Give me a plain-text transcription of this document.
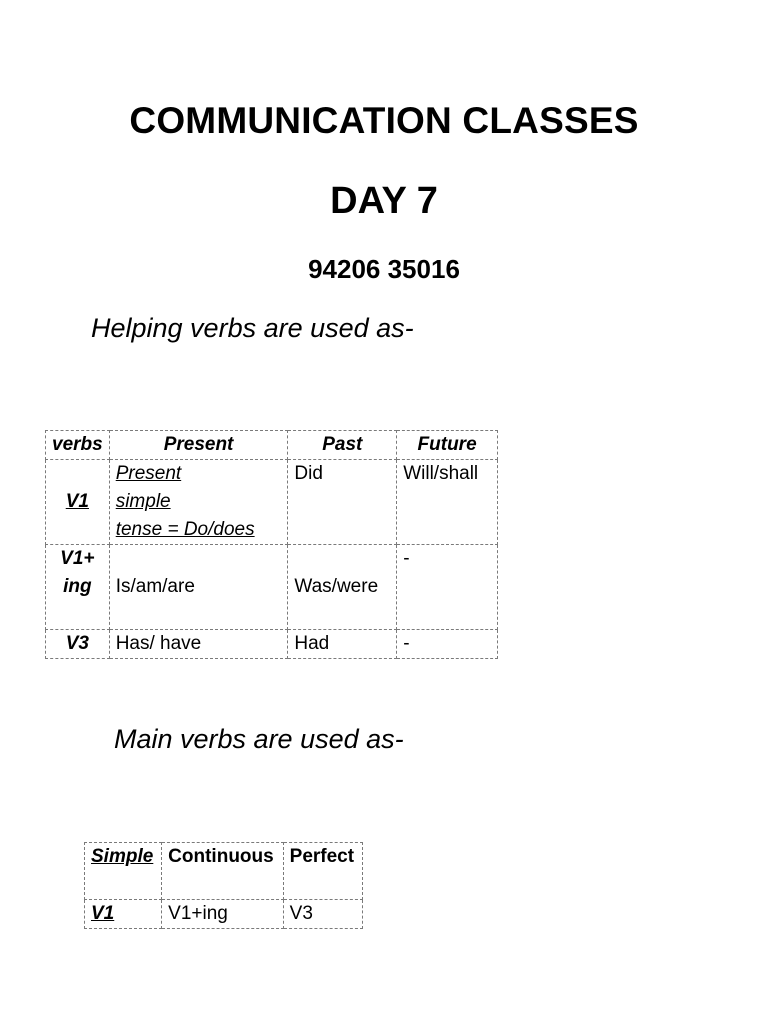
COMMUNICATION CLASSES
DAY 7

94206 35016

Helping verbs are used as-

verbs	Present	Past	Future
V1	Present
simple
tense = Do/does	Did	Will/shall

V1+
ing	Is/am/are	Was/were	-
V3	Has/ have	Had	-

Main verbs are used as-

Simple	Continuous	Perfect
V1	V1+ing	V3
